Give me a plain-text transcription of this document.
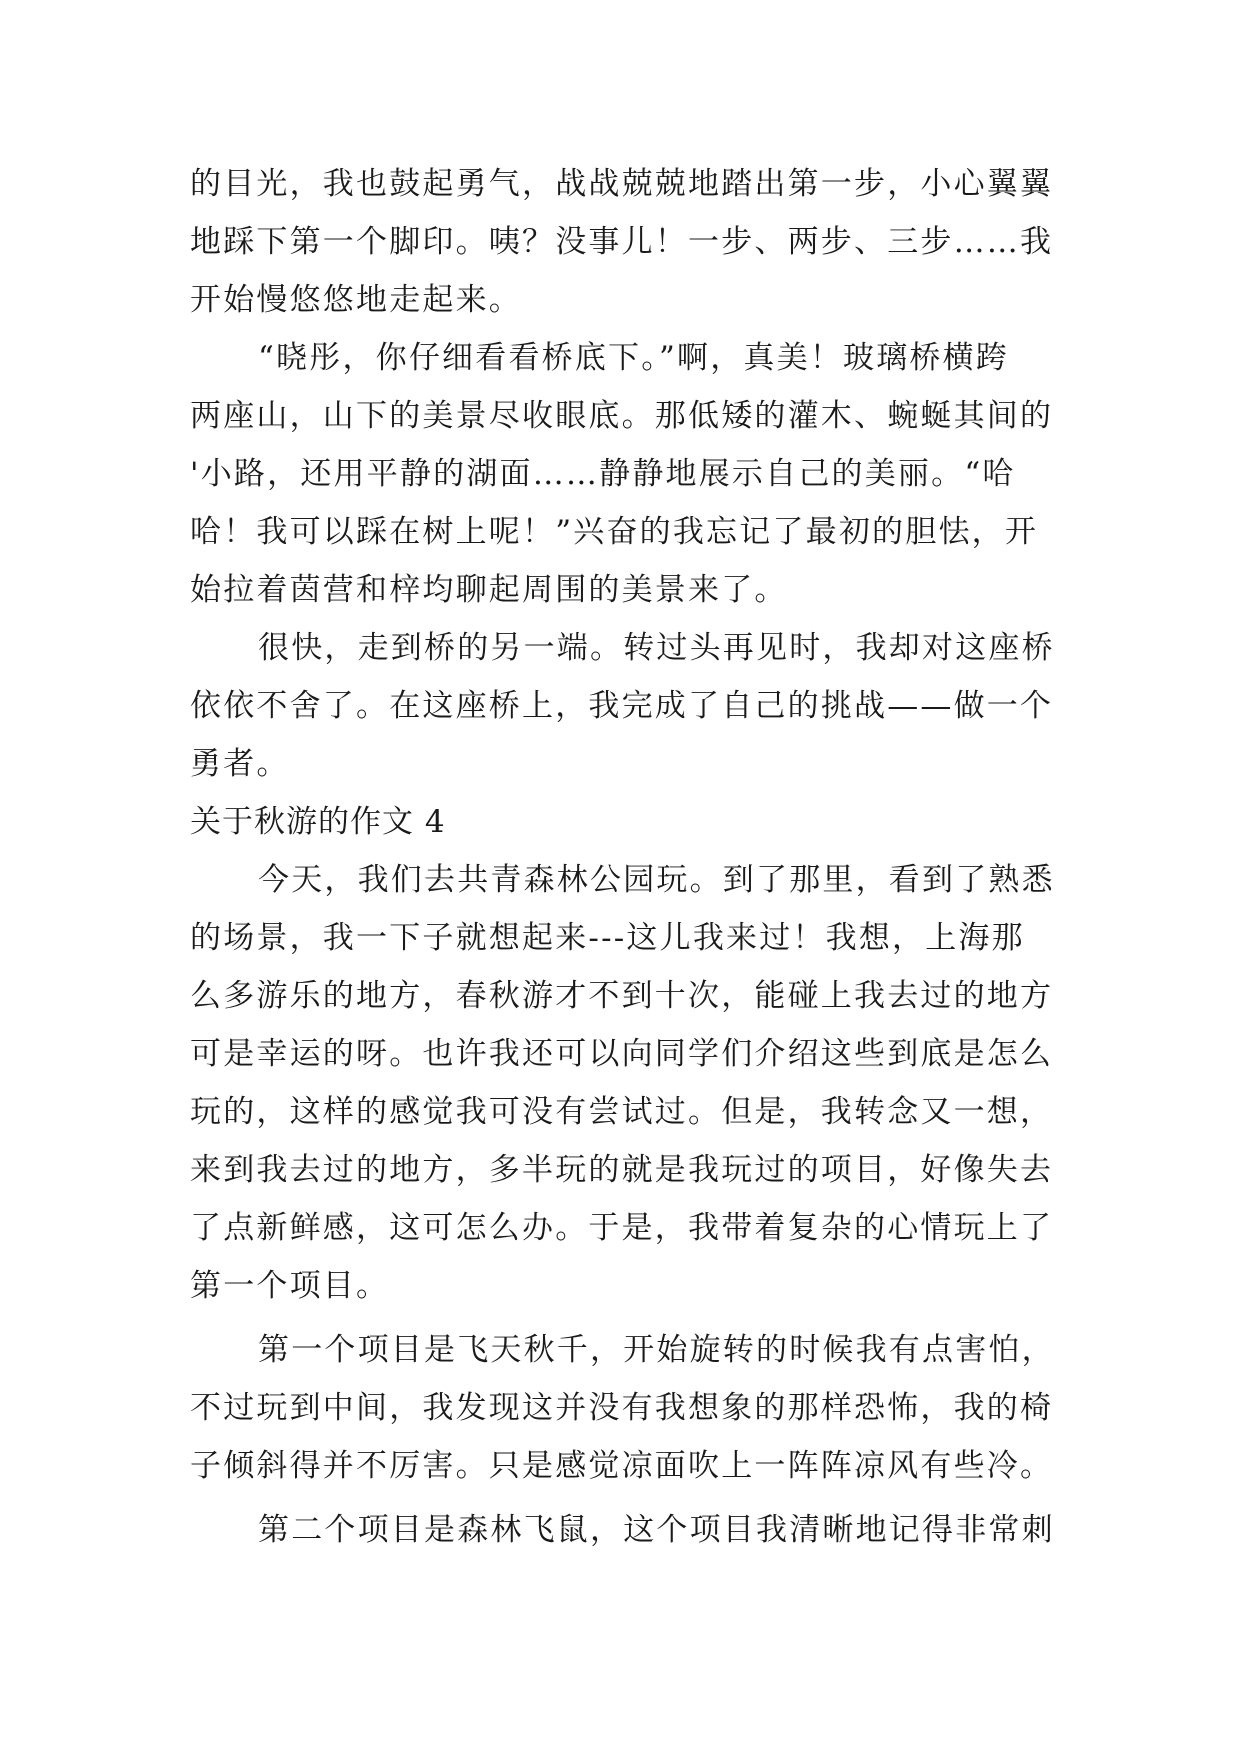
的目光，我也鼓起勇气，战战兢兢地踏出第一步，小心翼翼
地踩下第一个脚印。咦？没事儿！一步、两步、三步……我
开始慢悠悠地走起来。

“晓彤，你仔细看看桥底下。”啊，真美！玻璃桥横跨
两座山，山下的美景尽收眼底。那低矮的灌木、蜿蜒其间的
'小路，还用平静的湖面……静静地展示自己的美丽。“哈
哈！我可以踩在树上呢！”兴奋的我忘记了最初的胆怯，开
始拉着茵营和梓均聊起周围的美景来了。

很快，走到桥的另一端。转过头再见时，我却对这座桥
依依不舍了。在这座桥上，我完成了自己的挑战——做一个
勇者。

关于秋游的作文 4

今天，我们去共青森林公园玩。到了那里，看到了熟悉
的场景，我一下子就想起来---这儿我来过！我想，上海那
么多游乐的地方，春秋游才不到十次，能碰上我去过的地方
可是幸运的呀。也许我还可以向同学们介绍这些到底是怎么
玩的，这样的感觉我可没有尝试过。但是，我转念又一想，
来到我去过的地方，多半玩的就是我玩过的项目，好像失去
了点新鲜感，这可怎么办。于是，我带着复杂的心情玩上了
第一个项目。

第一个项目是飞天秋千，开始旋转的时候我有点害怕，
不过玩到中间，我发现这并没有我想象的那样恐怖，我的椅
子倾斜得并不厉害。只是感觉凉面吹上一阵阵凉风有些冷。

第二个项目是森林飞鼠，这个项目我清晰地记得非常刺
